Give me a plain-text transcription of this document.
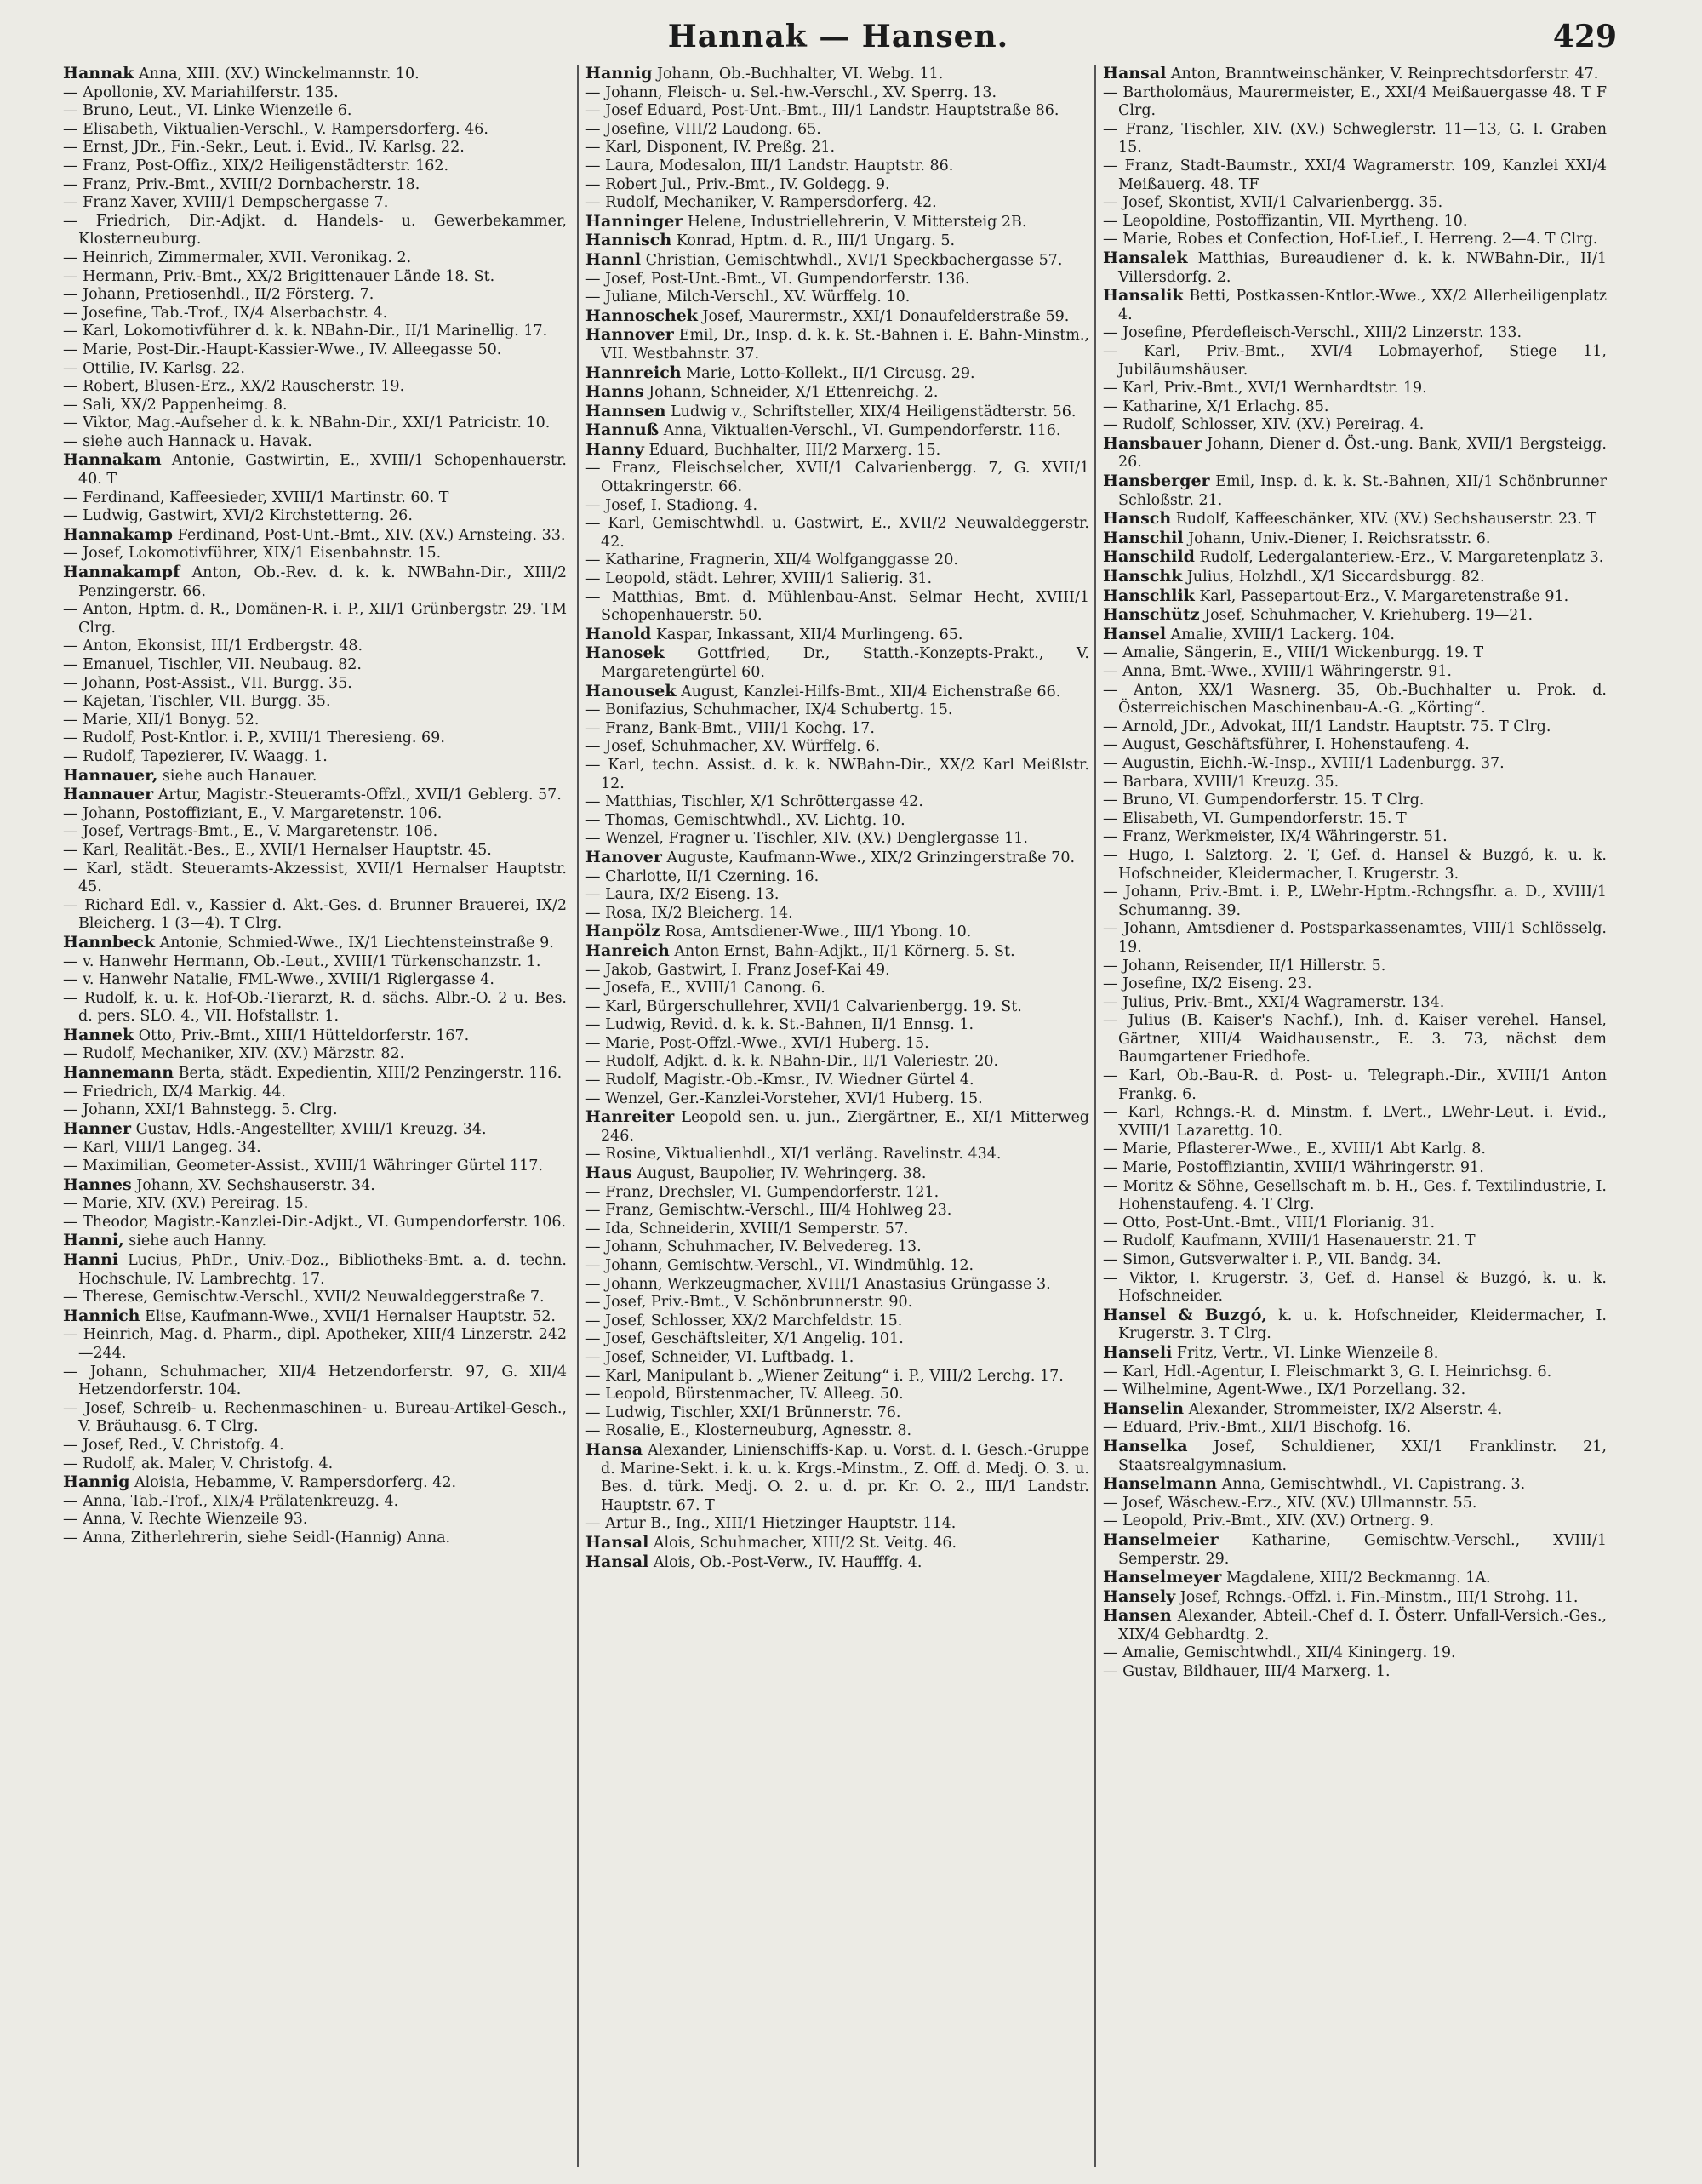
Hannak — Hansen.	429
Hannak Anna, XIII. (XV.) Winckelmannstr. 10.
— Apollonie, XV. Mariahilferstr. 135.
— Bruno, Leut., VI. Linke Wienzeile 6.
— Elisabeth, Viktualien-Verschl., V. Rampersdorferg. 46.
— Ernst, JDr., Fin.-Sekr., Leut. i. Evid., IV. Karlsg. 22.
— Franz, Post-Offiz., XIX/2 Heiligenstädterstr. 162.
— Franz, Priv.-Bmt., XVIII/2 Dornbacherstr. 18.
— Franz Xaver, XVIII/1 Dempschergasse 7.
— Friedrich, Dir.-Adjkt. d. Handels- u. Gewerbekammer, Klosterneuburg.
— Heinrich, Zimmermaler, XVII. Veronikag. 2.
— Hermann, Priv.-Bmt., XX/2 Brigittenauer Lände 18. St.
— Johann, Pretiosenhdl., II/2 Försterg. 7.
— Josefine, Tab.-Trof., IX/4 Alserbachstr. 4.
— Karl, Lokomotivführer d. k. k. NBahn-Dir., II/1 Marinellig. 17.
— Marie, Post-Dir.-Haupt-Kassier-Wwe., IV. Alleegasse 50.
— Ottilie, IV. Karlsg. 22.
— Robert, Blusen-Erz., XX/2 Rauscherstr. 19.
— Sali, XX/2 Pappenheimg. 8.
— Viktor, Mag.-Aufseher d. k. k. NBahn-Dir., XXI/1 Patricistr. 10.
— siehe auch Hannack u. Havak.
Hannakam Antonie, Gastwirtin, E., XVIII/1 Schopenhauerstr. 40. T
— Ferdinand, Kaffeesieder, XVIII/1 Martinstr. 60. T
— Ludwig, Gastwirt, XVI/2 Kirchstetterng. 26.
Hannakamp Ferdinand, Post-Unt.-Bmt., XIV. (XV.) Arnsteing. 33.
— Josef, Lokomotivführer, XIX/1 Eisenbahnstr. 15.
Hannakampf Anton, Ob.-Rev. d. k. k. NWBahn-Dir., XIII/2 Penzingerstr. 66.
— Anton, Hptm. d. R., Domänen-R. i. P., XII/1 Grünbergstr. 29. TM Clrg.
— Anton, Ekonsist, III/1 Erdbergstr. 48.
— Emanuel, Tischler, VII. Neubaug. 82.
— Johann, Post-Assist., VII. Burgg. 35.
— Kajetan, Tischler, VII. Burgg. 35.
— Marie, XII/1 Bonyg. 52.
— Rudolf, Post-Kntlor. i. P., XVIII/1 Theresieng. 69.
— Rudolf, Tapezierer, IV. Waagg. 1.
Hannauer, siehe auch Hanauer.
Hannauer Artur, Magistr.-Steueramts-Offzl., XVII/1 Geblerg. 57.
— Johann, Postoffiziant, E., V. Margaretenstr. 106.
— Josef, Vertrags-Bmt., E., V. Margaretenstr. 106.
— Karl, Realität.-Bes., E., XVII/1 Hernalser Hauptstr. 45.
— Karl, städt. Steueramts-Akzessist, XVII/1 Hernalser Hauptstr. 45.
— Richard Edl. v., Kassier d. Akt.-Ges. d. Brunner Brauerei, IX/2 Bleicherg. 1 (3—4). T Clrg.
Hannbeck Antonie, Schmied-Wwe., IX/1 Liechtensteinstraße 9.
— v. Hanwehr Hermann, Ob.-Leut., XVIII/1 Türkenschanzstr. 1.
— v. Hanwehr Natalie, FML-Wwe., XVIII/1 Riglergasse 4.
— Rudolf, k. u. k. Hof-Ob.-Tierarzt, R. d. sächs. Albr.-O. 2 u. Bes. d. pers. SLO. 4., VII. Hofstallstr. 1.
Hannek Otto, Priv.-Bmt., XIII/1 Hütteldorferstr. 167.
— Rudolf, Mechaniker, XIV. (XV.) Märzstr. 82.
Hannemann Berta, städt. Expedientin, XIII/2 Penzingerstr. 116.
— Friedrich, IX/4 Markig. 44.
— Johann, XXI/1 Bahnstegg. 5. Clrg.
Hanner Gustav, Hdls.-Angestellter, XVIII/1 Kreuzg. 34.
— Karl, VIII/1 Langeg. 34.
— Maximilian, Geometer-Assist., XVIII/1 Währinger Gürtel 117.
Hannes Johann, XV. Sechshauserstr. 34.
— Marie, XIV. (XV.) Pereirag. 15.
— Theodor, Magistr.-Kanzlei-Dir.-Adjkt., VI. Gumpendorferstr. 106.
Hanni, siehe auch Hanny.
Hanni Lucius, PhDr., Univ.-Doz., Bibliotheks-Bmt. a. d. techn. Hochschule, IV. Lambrechtg. 17.
— Therese, Gemischtw.-Verschl., XVII/2 Neuwaldeggerstraße 7.
Hannich Elise, Kaufmann-Wwe., XVII/1 Hernalser Hauptstr. 52.
— Heinrich, Mag. d. Pharm., dipl. Apotheker, XIII/4 Linzerstr. 242—244.
— Johann, Schuhmacher, XII/4 Hetzendorferstr. 97, G. XII/4 Hetzendorferstr. 104.
— Josef, Schreib- u. Rechenmaschinen- u. Bureau-Artikel-Gesch., V. Bräuhausg. 6. T Clrg.
— Josef, Red., V. Christofg. 4.
— Rudolf, ak. Maler, V. Christofg. 4.
Hannig Aloisia, Hebamme, V. Rampersdorferg. 42.
— Anna, Tab.-Trof., XIX/4 Prälatenkreuzg. 4.
— Anna, V. Rechte Wienzeile 93.
— Anna, Zitherlehrerin, siehe Seidl-(Hannig) Anna.
Hannig Johann, Ob.-Buchhalter, VI. Webg. 11.
— Johann, Fleisch- u. Sel.-hw.-Verschl., XV. Sperrg. 13.
— Josef Eduard, Post-Unt.-Bmt., III/1 Landstr. Hauptstraße 86.
— Josefine, VIII/2 Laudong. 65.
— Karl, Disponent, IV. Preßg. 21.
— Laura, Modesalon, III/1 Landstr. Hauptstr. 86.
— Robert Jul., Priv.-Bmt., IV. Goldegg. 9.
— Rudolf, Mechaniker, V. Rampersdorferg. 42.
Hanninger Helene, Industriellehrerin, V. Mittersteig 2B.
Hannisch Konrad, Hptm. d. R., III/1 Ungarg. 5.
Hannl Christian, Gemischtwhdl., XVI/1 Speckbachergasse 57.
— Josef, Post-Unt.-Bmt., VI. Gumpendorferstr. 136.
— Juliane, Milch-Verschl., XV. Würffelg. 10.
Hannoschek Josef, Maurermstr., XXI/1 Donaufelderstraße 59.
Hannover Emil, Dr., Insp. d. k. k. St.-Bahnen i. E. Bahn-Minstm., VII. Westbahnstr. 37.
Hannreich Marie, Lotto-Kollekt., II/1 Circusg. 29.
Hanns Johann, Schneider, X/1 Ettenreichg. 2.
Hannsen Ludwig v., Schriftsteller, XIX/4 Heiligenstädterstr. 56.
Hannuß Anna, Viktualien-Verschl., VI. Gumpendorferstr. 116.
Hanny Eduard, Buchhalter, III/2 Marxerg. 15.
— Franz, Fleischselcher, XVII/1 Calvarienbergg. 7, G. XVII/1 Ottakringerstr. 66.
— Josef, I. Stadiong. 4.
— Karl, Gemischtwhdl. u. Gastwirt, E., XVII/2 Neuwaldeggerstr. 42.
— Katharine, Fragnerin, XII/4 Wolfganggasse 20.
— Leopold, städt. Lehrer, XVIII/1 Salierig. 31.
— Matthias, Bmt. d. Mühlenbau-Anst. Selmar Hecht, XVIII/1 Schopenhauerstr. 50.
Hanold Kaspar, Inkassant, XII/4 Murlingeng. 65.
Hanosek Gottfried, Dr., Statth.-Konzepts-Prakt., V. Margaretengürtel 60.
Hanousek August, Kanzlei-Hilfs-Bmt., XII/4 Eichenstraße 66.
— Bonifazius, Schuhmacher, IX/4 Schubertg. 15.
— Franz, Bank-Bmt., VIII/1 Kochg. 17.
— Josef, Schuhmacher, XV. Würffelg. 6.
— Karl, techn. Assist. d. k. k. NWBahn-Dir., XX/2 Karl Meißlstr. 12.
— Matthias, Tischler, X/1 Schröttergasse 42.
— Thomas, Gemischtwhdl., XV. Lichtg. 10.
— Wenzel, Fragner u. Tischler, XIV. (XV.) Denglergasse 11.
Hanover Auguste, Kaufmann-Wwe., XIX/2 Grinzingerstraße 70.
— Charlotte, II/1 Czerning. 16.
— Laura, IX/2 Eiseng. 13.
— Rosa, IX/2 Bleicherg. 14.
Hanpölz Rosa, Amtsdiener-Wwe., III/1 Ybong. 10.
Hanreich Anton Ernst, Bahn-Adjkt., II/1 Körnerg. 5. St.
— Jakob, Gastwirt, I. Franz Josef-Kai 49.
— Josefa, E., XVIII/1 Canong. 6.
— Karl, Bürgerschullehrer, XVII/1 Calvarienbergg. 19. St.
— Ludwig, Revid. d. k. k. St.-Bahnen, II/1 Ennsg. 1.
— Marie, Post-Offzl.-Wwe., XVI/1 Huberg. 15.
— Rudolf, Adjkt. d. k. k. NBahn-Dir., II/1 Valeriestr. 20.
— Rudolf, Magistr.-Ob.-Kmsr., IV. Wiedner Gürtel 4.
— Wenzel, Ger.-Kanzlei-Vorsteher, XVI/1 Huberg. 15.
Hanreiter Leopold sen. u. jun., Ziergärtner, E., XI/1 Mitterweg 246.
— Rosine, Viktualienhdl., XI/1 verläng. Ravelinstr. 434.
Haus August, Baupolier, IV. Wehringerg. 38.
— Franz, Drechsler, VI. Gumpendorferstr. 121.
— Franz, Gemischtw.-Verschl., III/4 Hohlweg 23.
— Ida, Schneiderin, XVIII/1 Semperstr. 57.
— Johann, Schuhmacher, IV. Belvedereg. 13.
— Johann, Gemischtw.-Verschl., VI. Windmühlg. 12.
— Johann, Werkzeugmacher, XVIII/1 Anastasius Grüngasse 3.
— Josef, Priv.-Bmt., V. Schönbrunnerstr. 90.
— Josef, Schlosser, XX/2 Marchfeldstr. 15.
— Josef, Geschäftsleiter, X/1 Angelig. 101.
— Josef, Schneider, VI. Luftbadg. 1.
— Karl, Manipulant b. „Wiener Zeitung“ i. P., VIII/2 Lerchg. 17.
— Leopold, Bürstenmacher, IV. Alleeg. 50.
— Ludwig, Tischler, XXI/1 Brünnerstr. 76.
— Rosalie, E., Klosterneuburg, Agnesstr. 8.
Hansa Alexander, Linienschiffs-Kap. u. Vorst. d. I. Gesch.-Gruppe d. Marine-Sekt. i. k. u. k. Krgs.-Minstm., Z. Off. d. Medj. O. 3. u. Bes. d. türk. Medj. O. 2. u. d. pr. Kr. O. 2., III/1 Landstr. Hauptstr. 67. T
— Artur B., Ing., XIII/1 Hietzinger Hauptstr. 114.
Hansal Alois, Schuhmacher, XIII/2 St. Veitg. 46.
Hansal Alois, Ob.-Post-Verw., IV. Haufffg. 4.
Hansal Anton, Branntweinschänker, V. Reinprechtsdorferstr. 47.
— Bartholomäus, Maurermeister, E., XXI/4 Meißauergasse 48. T F Clrg.
— Franz, Tischler, XIV. (XV.) Schweglerstr. 11—13, G. I. Graben 15.
— Franz, Stadt-Baumstr., XXI/4 Wagramerstr. 109, Kanzlei XXI/4 Meißauerg. 48. TF
— Josef, Skontist, XVII/1 Calvarienbergg. 35.
— Leopoldine, Postoffizantin, VII. Myrtheng. 10.
— Marie, Robes et Confection, Hof-Lief., I. Herreng. 2—4. T Clrg.
Hansalek Matthias, Bureaudiener d. k. k. NWBahn-Dir., II/1 Villersdorfg. 2.
Hansalik Betti, Postkassen-Kntlor.-Wwe., XX/2 Allerheiligenplatz 4.
— Josefine, Pferdefleisch-Verschl., XIII/2 Linzerstr. 133.
— Karl, Priv.-Bmt., XVI/4 Lobmayerhof, Stiege 11, Jubiläumshäuser.
— Karl, Priv.-Bmt., XVI/1 Wernhardtstr. 19.
— Katharine, X/1 Erlachg. 85.
— Rudolf, Schlosser, XIV. (XV.) Pereirag. 4.
Hansbauer Johann, Diener d. Öst.-ung. Bank, XVII/1 Bergsteigg. 26.
Hansberger Emil, Insp. d. k. k. St.-Bahnen, XII/1 Schönbrunner Schloßstr. 21.
Hansch Rudolf, Kaffeeschänker, XIV. (XV.) Sechshauserstr. 23. T
Hanschil Johann, Univ.-Diener, I. Reichsratsstr. 6.
Hanschild Rudolf, Ledergalanteriew.-Erz., V. Margaretenplatz 3.
Hanschk Julius, Holzhdl., X/1 Siccardsburgg. 82.
Hanschlik Karl, Passepartout-Erz., V. Margaretenstraße 91.
Hanschütz Josef, Schuhmacher, V. Kriehuberg. 19—21.
Hansel Amalie, XVIII/1 Lackerg. 104.
— Amalie, Sängerin, E., VIII/1 Wickenburgg. 19. T
— Anna, Bmt.-Wwe., XVIII/1 Währingerstr. 91.
— Anton, XX/1 Wasnerg. 35, Ob.-Buchhalter u. Prok. d. Österreichischen Maschinenbau-A.-G. „Körting“.
— Arnold, JDr., Advokat, III/1 Landstr. Hauptstr. 75. T Clrg.
— August, Geschäftsführer, I. Hohenstaufeng. 4.
— Augustin, Eichh.-W.-Insp., XVIII/1 Ladenburgg. 37.
— Barbara, XVIII/1 Kreuzg. 35.
— Bruno, VI. Gumpendorferstr. 15. T Clrg.
— Elisabeth, VI. Gumpendorferstr. 15. T
— Franz, Werkmeister, IX/4 Währingerstr. 51.
— Hugo, I. Salztorg. 2. T, Gef. d. Hansel & Buzgó, k. u. k. Hofschneider, Kleidermacher, I. Krugerstr. 3.
— Johann, Priv.-Bmt. i. P., LWehr-Hptm.-Rchngsfhr. a. D., XVIII/1 Schumanng. 39.
— Johann, Amtsdiener d. Postsparkassenamtes, VIII/1 Schlösselg. 19.
— Johann, Reisender, II/1 Hillerstr. 5.
— Josefine, IX/2 Eiseng. 23.
— Julius, Priv.-Bmt., XXI/4 Wagramerstr. 134.
— Julius (B. Kaiser's Nachf.), Inh. d. Kaiser verehel. Hansel, Gärtner, XIII/4 Waidhausenstr., E. 3. 73, nächst dem Baumgartener Friedhofe.
— Karl, Ob.-Bau-R. d. Post- u. Telegraph.-Dir., XVIII/1 Anton Frankg. 6.
— Karl, Rchngs.-R. d. Minstm. f. LVert., LWehr-Leut. i. Evid., XVIII/1 Lazarettg. 10.
— Marie, Pflasterer-Wwe., E., XVIII/1 Abt Karlg. 8.
— Marie, Postoffiziantin, XVIII/1 Währingerstr. 91.
— Moritz & Söhne, Gesellschaft m. b. H., Ges. f. Textilindustrie, I. Hohenstaufeng. 4. T Clrg.
— Otto, Post-Unt.-Bmt., VIII/1 Florianig. 31.
— Rudolf, Kaufmann, XVIII/1 Hasenauerstr. 21. T
— Simon, Gutsverwalter i. P., VII. Bandg. 34.
— Viktor, I. Krugerstr. 3, Gef. d. Hansel & Buzgó, k. u. k. Hofschneider.
Hansel & Buzgó, k. u. k. Hofschneider, Kleidermacher, I. Krugerstr. 3. T Clrg.
Hanseli Fritz, Vertr., VI. Linke Wienzeile 8.
— Karl, Hdl.-Agentur, I. Fleischmarkt 3, G. I. Heinrichsg. 6.
— Wilhelmine, Agent-Wwe., IX/1 Porzellang. 32.
Hanselin Alexander, Strommeister, IX/2 Alserstr. 4.
— Eduard, Priv.-Bmt., XII/1 Bischofg. 16.
Hanselka Josef, Schuldiener, XXI/1 Franklinstr. 21, Staatsrealgymnasium.
Hanselmann Anna, Gemischtwhdl., VI. Capistrang. 3.
— Josef, Wäschew.-Erz., XIV. (XV.) Ullmannstr. 55.
— Leopold, Priv.-Bmt., XIV. (XV.) Ortnerg. 9.
Hanselmeier Katharine, Gemischtw.-Verschl., XVIII/1 Semperstr. 29.
Hanselmeyer Magdalene, XIII/2 Beckmanng. 1A.
Hansely Josef, Rchngs.-Offzl. i. Fin.-Minstm., III/1 Strohg. 11.
Hansen Alexander, Abteil.-Chef d. I. Österr. Unfall-Versich.-Ges., XIX/4 Gebhardtg. 2.
— Amalie, Gemischtwhdl., XII/4 Kiningerg. 19.
— Gustav, Bildhauer, III/4 Marxerg. 1.
